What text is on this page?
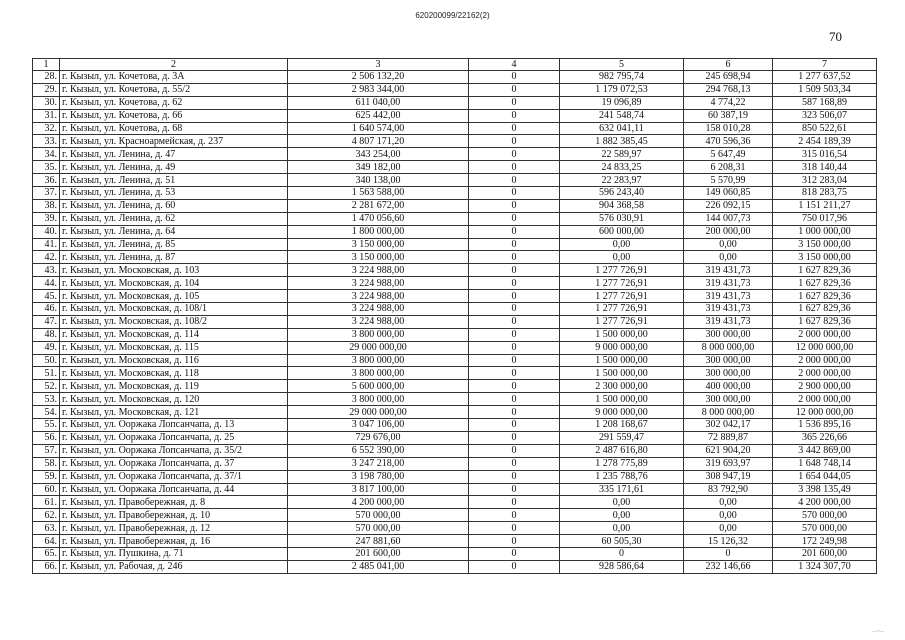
620200099/22162(2)
70
1	2	3	4	5	6	7
28.	г. Кызыл, ул. Кочетова, д. 3А	2 506 132,20	0	982 795,74	245 698,94	1 277 637,52
29.	г. Кызыл, ул. Кочетова, д. 55/2	2 983 344,00	0	1 179 072,53	294 768,13	1 509 503,34
30.	г. Кызыл, ул. Кочетова, д. 62	611 040,00	0	19 096,89	4 774,22	587 168,89
31.	г. Кызыл, ул. Кочетова, д. 66	625 442,00	0	241 548,74	60 387,19	323 506,07
32.	г. Кызыл, ул. Кочетова, д. 68	1 640 574,00	0	632 041,11	158 010,28	850 522,61
33.	г. Кызыл, ул. Красноармейская, д. 237	4 807 171,20	0	1 882 385,45	470 596,36	2 454 189,39
34.	г. Кызыл, ул. Ленина, д. 47	343 254,00	0	22 589,97	5 647,49	315 016,54
35.	г. Кызыл, ул. Ленина, д. 49	349 182,00	0	24 833,25	6 208,31	318 140,44
36.	г. Кызыл, ул. Ленина, д. 51	340 138,00	0	22 283,97	5 570,99	312 283,04
37.	г. Кызыл, ул. Ленина, д. 53	1 563 588,00	0	596 243,40	149 060,85	818 283,75
38.	г. Кызыл, ул. Ленина, д. 60	2 281 672,00	0	904 368,58	226 092,15	1 151 211,27
39.	г. Кызыл, ул. Ленина, д. 62	1 470 056,60	0	576 030,91	144 007,73	750 017,96
40.	г. Кызыл, ул. Ленина, д. 64	1 800 000,00	0	600 000,00	200 000,00	1 000 000,00
41.	г. Кызыл, ул. Ленина, д. 85	3 150 000,00	0	0,00	0,00	3 150 000,00
42.	г. Кызыл, ул. Ленина, д. 87	3 150 000,00	0	0,00	0,00	3 150 000,00
43.	г. Кызыл, ул. Московская, д. 103	3 224 988,00	0	1 277 726,91	319 431,73	1 627 829,36
44.	г. Кызыл, ул. Московская, д. 104	3 224 988,00	0	1 277 726,91	319 431,73	1 627 829,36
45.	г. Кызыл, ул. Московская, д. 105	3 224 988,00	0	1 277 726,91	319 431,73	1 627 829,36
46.	г. Кызыл, ул. Московская, д. 108/1	3 224 988,00	0	1 277 726,91	319 431,73	1 627 829,36
47.	г. Кызыл, ул. Московская, д. 108/2	3 224 988,00	0	1 277 726,91	319 431,73	1 627 829,36
48.	г. Кызыл, ул. Московская, д. 114	3 800 000,00	0	1 500 000,00	300 000,00	2 000 000,00
49.	г. Кызыл, ул. Московская, д. 115	29 000 000,00	0	9 000 000,00	8 000 000,00	12 000 000,00
50.	г. Кызыл, ул. Московская, д. 116	3 800 000,00	0	1 500 000,00	300 000,00	2 000 000,00
51.	г. Кызыл, ул. Московская, д. 118	3 800 000,00	0	1 500 000,00	300 000,00	2 000 000,00
52.	г. Кызыл, ул. Московская, д. 119	5 600 000,00	0	2 300 000,00	400 000,00	2 900 000,00
53.	г. Кызыл, ул. Московская, д. 120	3 800 000,00	0	1 500 000,00	300 000,00	2 000 000,00
54.	г. Кызыл, ул. Московская, д. 121	29 000 000,00	0	9 000 000,00	8 000 000,00	12 000 000,00
55.	г. Кызыл, ул. Ооржака Лопсанчапа, д. 13	3 047 106,00	0	1 208 168,67	302 042,17	1 536 895,16
56.	г. Кызыл, ул. Ооржака Лопсанчапа, д. 25	729 676,00	0	291 559,47	72 889,87	365 226,66
57.	г. Кызыл, ул. Ооржака Лопсанчапа, д. 35/2	6 552 390,00	0	2 487 616,80	621 904,20	3 442 869,00
58.	г. Кызыл, ул. Ооржака Лопсанчапа, д. 37	3 247 218,00	0	1 278 775,89	319 693,97	1 648 748,14
59.	г. Кызыл, ул. Ооржака Лопсанчапа, д. 37/1	3 198 780,00	0	1 235 788,76	308 947,19	1 654 044,05
60.	г. Кызыл, ул. Ооржака Лопсанчапа, д. 44	3 817 100,00	0	335 171,61	83 792,90	3 398 135,49
61.	г. Кызыл, ул. Правобережная, д. 8	4 200 000,00	0	0,00	0,00	4 200 000,00
62.	г. Кызыл, ул. Правобережная, д. 10	570 000,00	0	0,00	0,00	570 000,00
63.	г. Кызыл, ул. Правобережная, д. 12	570 000,00	0	0,00	0,00	570 000,00
64.	г. Кызыл, ул. Правобережная, д. 16	247 881,60	0	60 505,30	15 126,32	172 249,98
65.	г. Кызыл, ул. Пушкина, д. 71	201 600,00	0	0	0	201 600,00
66.	г. Кызыл, ул. Рабочая, д. 246	2 485 041,00	0	928 586,64	232 146,66	1 324 307,70
...-...
